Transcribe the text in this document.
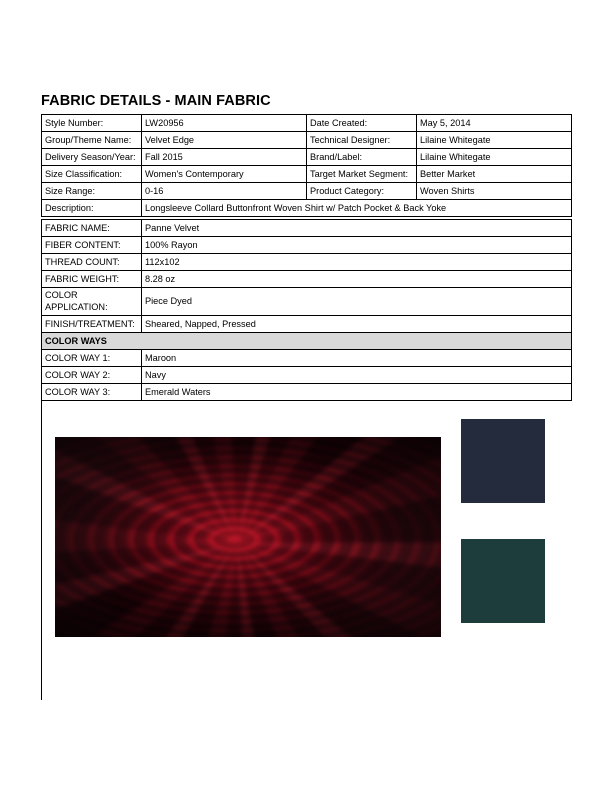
FABRIC DETAILS - MAIN FABRIC
Style Number:	LW20956	Date Created:	May 5, 2014
Group/Theme Name:	Velvet Edge	Technical Designer:	Lilaine Whitegate
Delivery Season/Year:	Fall 2015	Brand/Label:	Lilaine Whitegate
Size Classification:	Women's Contemporary	Target Market Segment:	Better Market
Size Range:	0-16	Product Category:	Woven Shirts
Description:	Longsleeve Collard Buttonfront Woven Shirt w/ Patch Pocket & Back Yoke		
FABRIC NAME:	Panne Velvet
FIBER CONTENT:	100% Rayon
THREAD COUNT:	112x102
FABRIC WEIGHT:	8.28 oz
COLOR APPLICATION:	Piece Dyed
FINISH/TREATMENT:	Sheared, Napped, Pressed
COLOR WAYS	
COLOR WAY 1:	Maroon
COLOR WAY 2:	Navy
COLOR WAY 3:	Emerald Waters
